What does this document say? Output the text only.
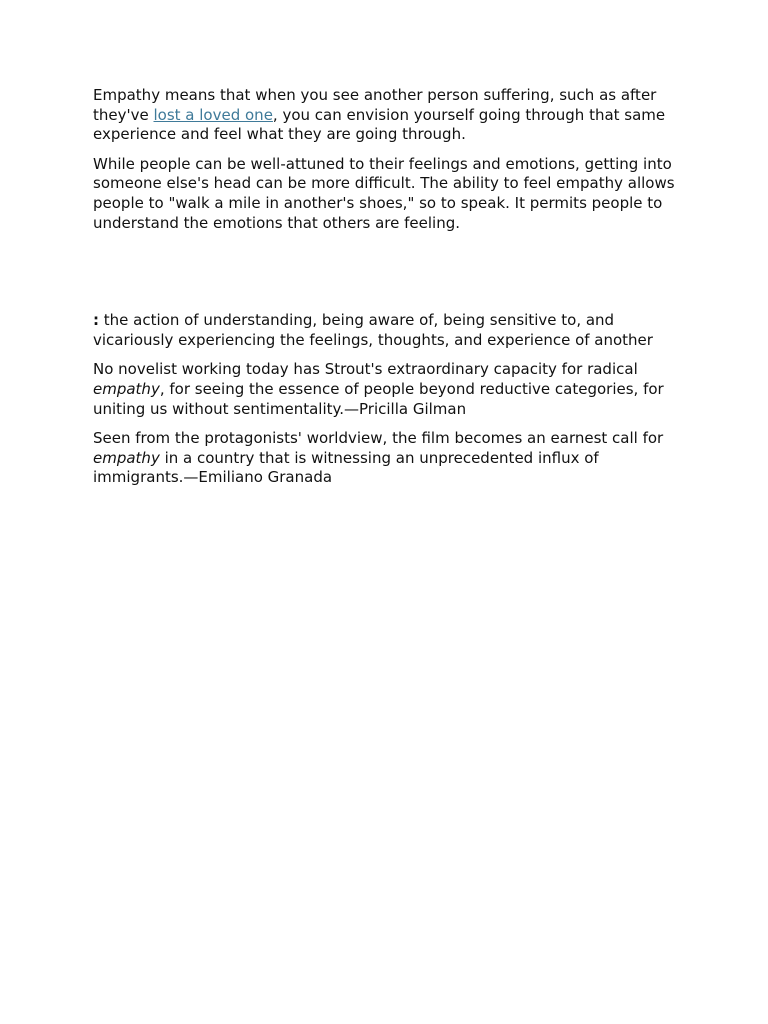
Empathy means that when you see another person suffering, such as after they've lost a loved one, you can envision yourself going through that same experience and feel what they are going through.

While people can be well-attuned to their feelings and emotions, getting into someone else's head can be more difficult. The ability to feel empathy allows people to "walk a mile in another's shoes," so to speak. It permits people to understand the emotions that others are feeling.

: the action of understanding, being aware of, being sensitive to, and vicariously experiencing the feelings, thoughts, and experience of another

No novelist working today has Strout's extraordinary capacity for radical empathy, for seeing the essence of people beyond reductive categories, for uniting us without sentimentality.—Pricilla Gilman

Seen from the protagonists' worldview, the film becomes an earnest call for empathy in a country that is witnessing an unprecedented influx of immigrants.—Emiliano Granada
